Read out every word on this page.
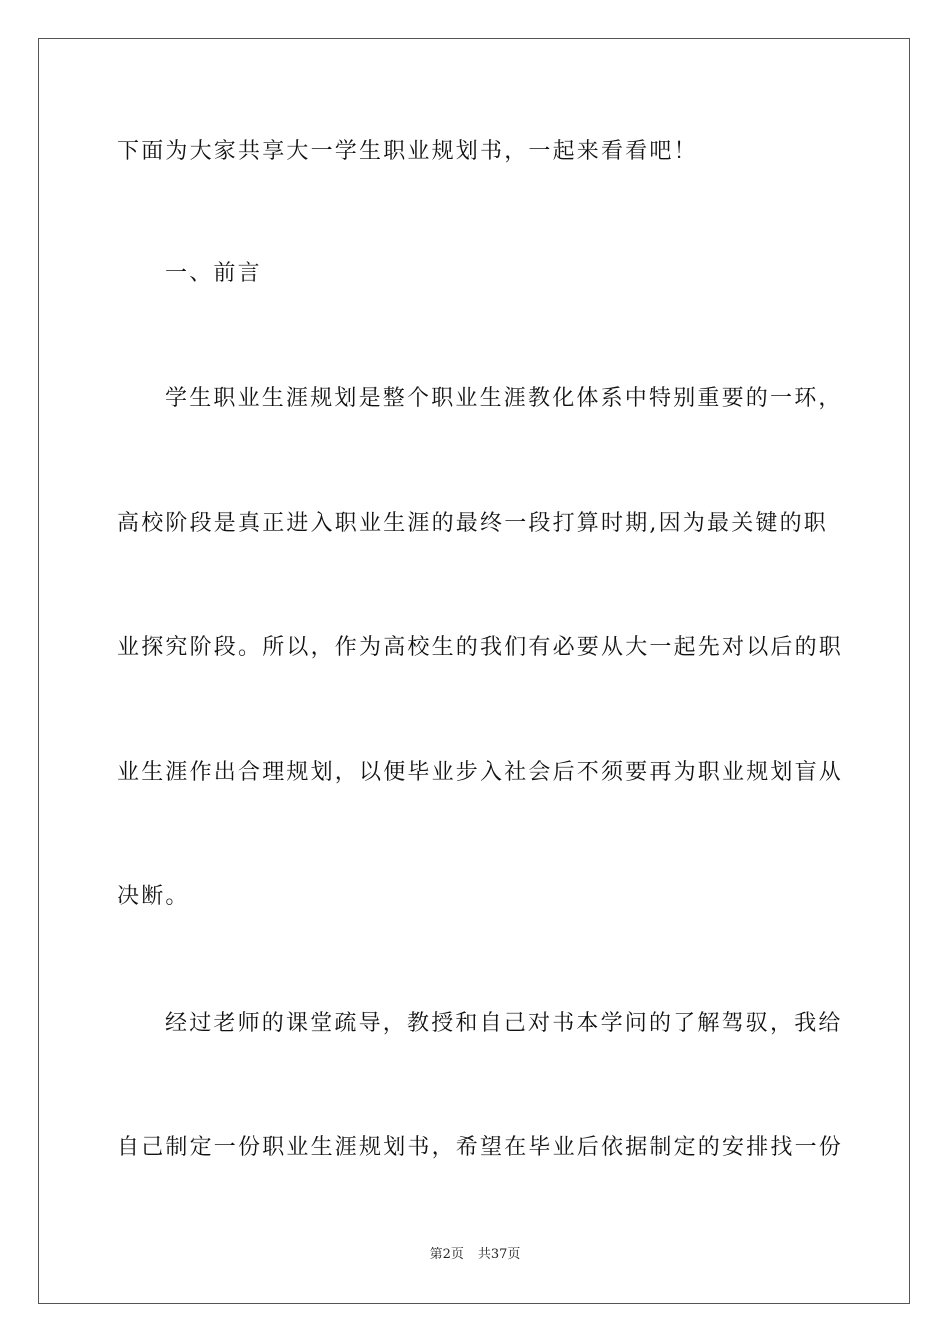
下面为大家共享大一学生职业规划书，一起来看看吧！
一、前言
学生职业生涯规划是整个职业生涯教化体系中特别重要的一环，
高校阶段是真正进入职业生涯的最终一段打算时期,因为最关键的职
业探究阶段。所以，作为高校生的我们有必要从大一起先对以后的职
业生涯作出合理规划，以便毕业步入社会后不须要再为职业规划盲从
决断。
经过老师的课堂疏导，教授和自己对书本学问的了解驾驭，我给
自己制定一份职业生涯规划书，希望在毕业后依据制定的安排找一份
第2页 共37页
